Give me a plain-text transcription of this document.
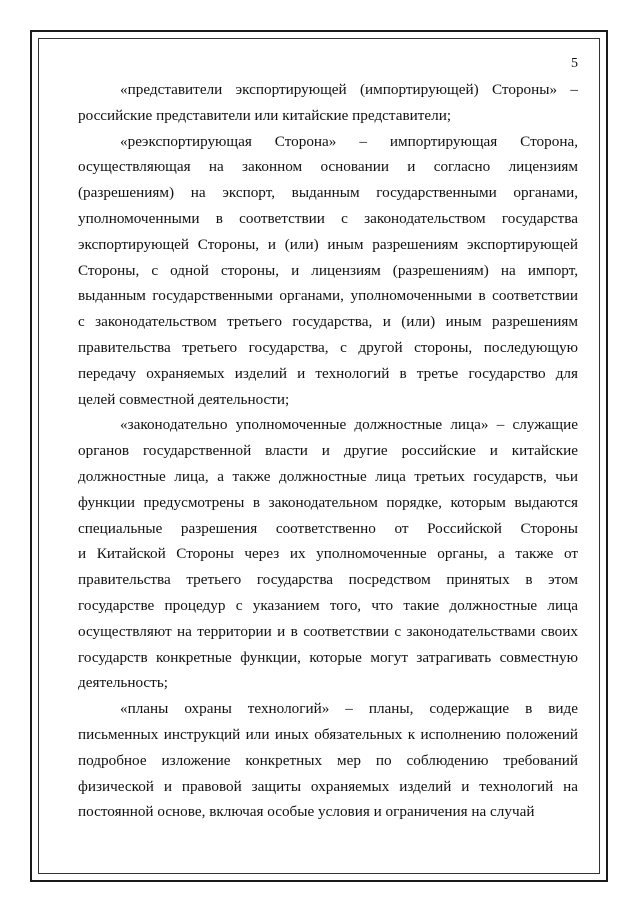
5
«представители экспортирующей (импортирующей) Стороны» –
российские представители или китайские представители;
«реэкспортирующая Сторона» – импортирующая Сторона,
осуществляющая на законном основании и согласно лицензиям
(разрешениям) на экспорт, выданным государственными органами,
уполномоченными в соответствии с законодательством государства
экспортирующей Стороны, и (или) иным разрешениям экспортирующей
Стороны, с одной стороны, и лицензиям (разрешениям) на импорт,
выданным государственными органами, уполномоченными в соответствии
с законодательством третьего государства, и (или) иным разрешениям
правительства третьего государства, с другой стороны, последующую
передачу охраняемых изделий и технологий в третье государство для
целей совместной деятельности;
«законодательно уполномоченные должностные лица» – служащие
органов государственной власти и другие российские и китайские
должностные лица, а также должностные лица третьих государств, чьи
функции предусмотрены в законодательном порядке, которым выдаются
специальные разрешения соответственно от Российской Стороны
и Китайской Стороны через их уполномоченные органы, а также от
правительства третьего государства посредством принятых в этом
государстве процедур с указанием того, что такие должностные лица
осуществляют на территории и в соответствии с законодательствами своих
государств конкретные функции, которые могут затрагивать совместную
деятельность;
«планы охраны технологий» – планы, содержащие в виде
письменных инструкций или иных обязательных к исполнению положений
подробное изложение конкретных мер по соблюдению требований
физической и правовой защиты охраняемых изделий и технологий на
постоянной основе, включая особые условия и ограничения на случай
